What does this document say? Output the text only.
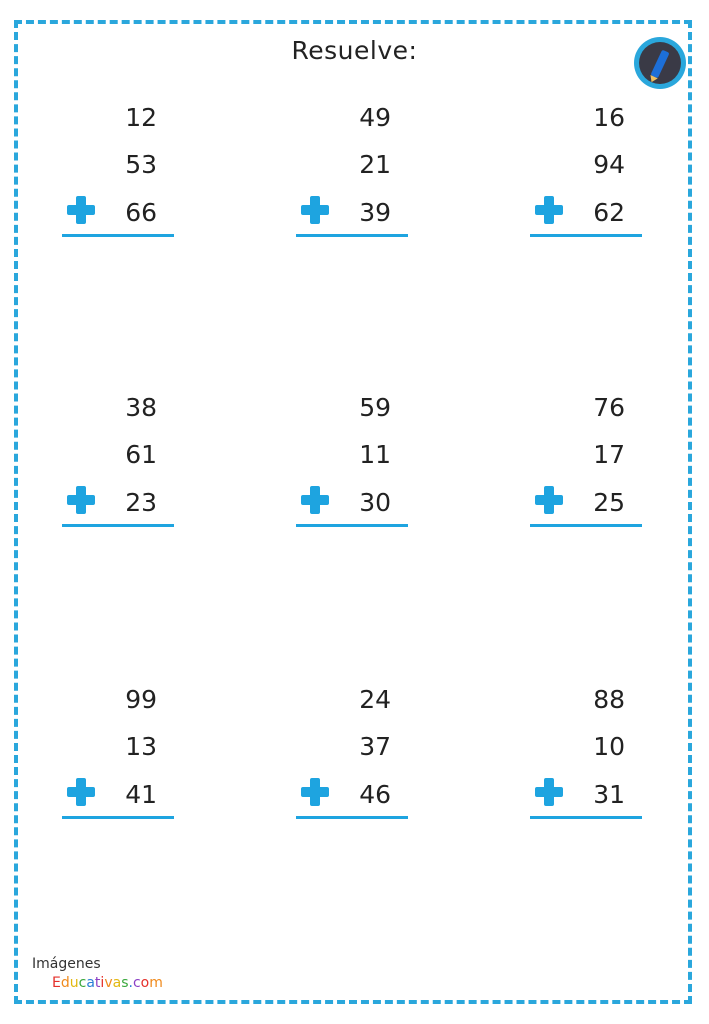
Resuelve:
12
53
66
49
21
39
16
94
62
38
61
23
59
11
30
76
17
25
99
13
41
24
37
46
88
10
31
Imágenes
Educativas.com
